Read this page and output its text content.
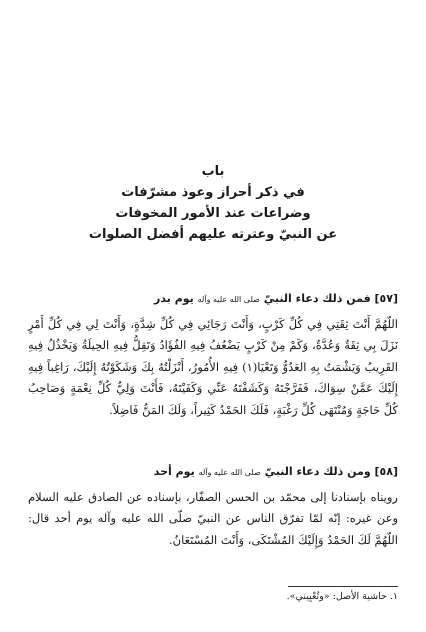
باب
في ذكر أحراز وعوذ مشرّفات
وضراعات عند الأمور المخوفات
عن النبيّ وعترته عليهم أفضل الصلوات
[٥٧] فمن ذلك دعاء النبيّ صلى الله عليه وآله يوم بدر

اللّهُمَّ أَنْتَ ثِقَتِي فِي كُلِّ كَرْبٍ، وَأَنْتَ رَجَائِي فِي كُلِّ شِدَّةٍ، وَأَنْتَ لِي فِي كُلِّ أَمْرٍ نَزَلَ بِي ثِقَةٌ وَعُدَّةٌ، وَكَمْ مِنْ كَرْبٍ يَضْعُفُ فِيهِ الفُؤَادُ وَتَقِلُّ فِيهِ الحِيلَةُ وَيَخْذُلُ فِيهِ القَرِيبُ وَيَشْمَتُ بِهِ العَدُوُّ وَتَعْيَا(١) فِيهِ الأُمُورُ، أَنْزَلْتُهُ بِكَ وَشَكَوْتُهُ إِلَيْكَ، رَاغِباً فِيهِ إِلَيْكَ عَمَّنْ سِوَاكَ، فَفَرَّجْتَهُ وَكَشَفْتَهُ عَنِّي وَكَفَيْتَهُ، فَأَنْتَ وَلِيُّ كُلِّ نِعْمَةٍ وَصَاحِبُ كُلِّ حَاجَةٍ وَمُنْتَهَى كُلِّ رَغْبَةٍ، فَلَكَ الحَمْدُ كَثِيراً، وَلَكَ المَنُّ فَاضِلاً.

[٥٨] ومن ذلك دعاء النبيّ صلى الله عليه وآله يوم أحد

رويناه بإسنادنا إلى محمّد بن الحسن الصفّار، بإسناده عن الصادق عليه السلام وعن غيره: إنّه لمّا تفرّق الناس عن النبيّ صلّى الله عليه وآله يوم أحد قال: اللّهُمَّ لَكَ الحَمْدُ وَإِلَيْكَ المُشْتَكَى، وَأَنْتَ المُسْتَعَانُ.

١. حاشية الأصل: «وتُعْيِيني».
